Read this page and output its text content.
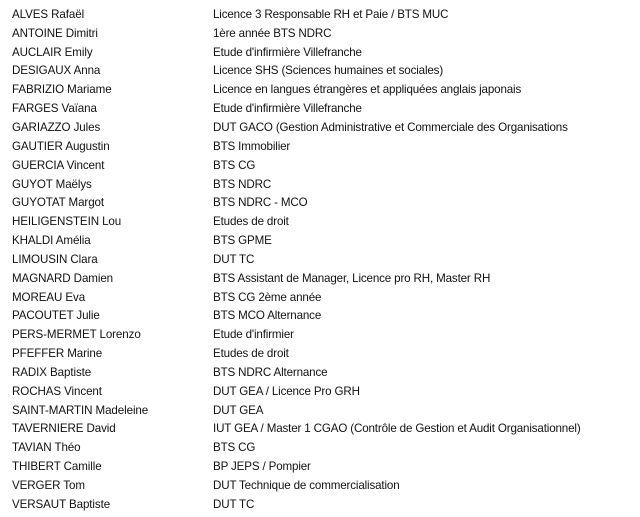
ALVES Rafaël	Licence 3 Responsable RH et Paie / BTS MUC
ANTOINE Dimitri	1ère année BTS NDRC
AUCLAIR Emily	Etude d'infirmière Villefranche
DESIGAUX Anna	Licence SHS (Sciences humaines et sociales)
FABRIZIO Mariame	Licence en langues étrangères et appliquées anglais japonais
FARGES Vaïana	Etude d'infirmière Villefranche
GARIAZZO Jules	DUT GACO (Gestion Administrative et Commerciale des Organisations
GAUTIER Augustin	BTS Immobilier
GUERCIA Vincent	BTS CG
GUYOT Maëlys	BTS NDRC
GUYOTAT Margot	BTS NDRC - MCO
HEILIGENSTEIN Lou	Etudes de droit
KHALDI Amélia	BTS GPME
LIMOUSIN Clara	DUT TC
MAGNARD Damien	BTS Assistant de Manager, Licence pro RH, Master RH
MOREAU Eva	BTS CG 2ème année
PACOUTET Julie	BTS MCO Alternance
PERS-MERMET Lorenzo	Etude d'infirmier
PFEFFER Marine	Etudes de droit
RADIX Baptiste	BTS NDRC Alternance
ROCHAS Vincent	DUT GEA / Licence Pro GRH
SAINT-MARTIN Madeleine	DUT GEA
TAVERNIERE David	IUT GEA / Master 1 CGAO (Contrôle de Gestion et Audit Organisationnel)
TAVIAN Théo	BTS CG
THIBERT Camille	BP JEPS / Pompier
VERGER Tom	DUT Technique de commercialisation
VERSAUT Baptiste	DUT TC
